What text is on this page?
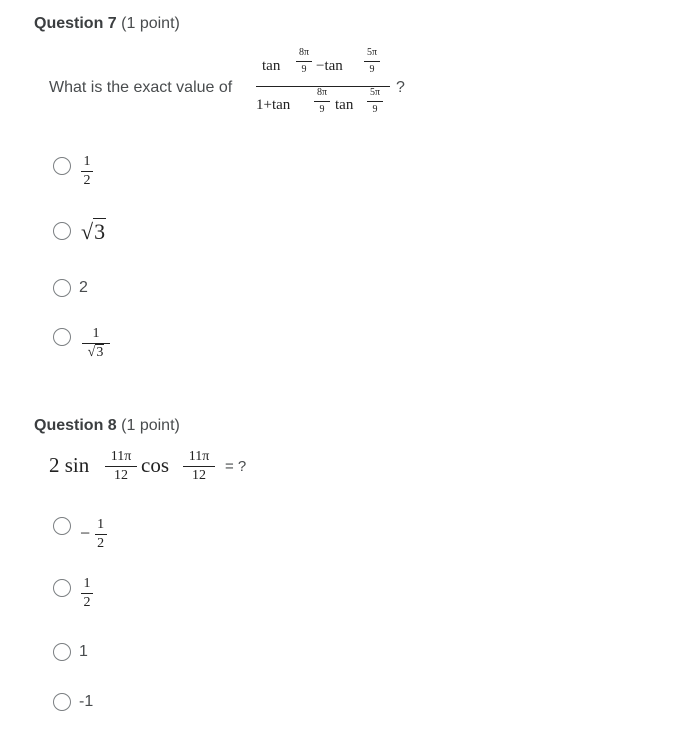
Question 7 (1 point)
What is the exact value of
tan
8π
9 −tan
5π
9
1+tan
8π
9 tan
5π
9
?
1
2
√3
2
1
√3
Question 8 (1 point)
2 sin	11π
12 cos	11π
12
= ?
− $\frac{1}{2}$
1
2
1
-1
